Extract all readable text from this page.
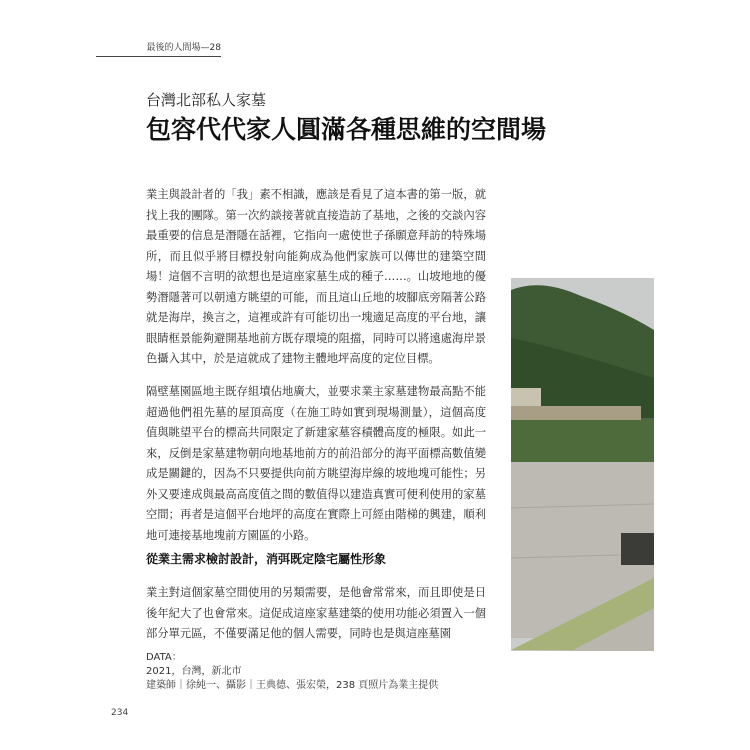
最後的人間場—28
台灣北部私人家墓
包容代代家人圓滿各種思維的空間場

業主與設計者的「我」素不相識，應該是看見了這本書的第一版，就找上我的團隊。第一次約談接著就直接造訪了基地，之後的交談內容最重要的信息是潛隱在話裡，它指向一處使世子孫願意拜訪的特殊場所，而且似乎將目標投射向能夠成為他們家族可以傳世的建築空間場！這個不言明的欲想也是這座家墓生成的種子……。山坡地地的優勢潛隱著可以朝遠方眺望的可能，而且這山丘地的坡腳底旁隔著公路就是海岸，換言之，這裡或許有可能切出一塊適足高度的平台地，讓眼睛框景能夠避開基地前方既存環境的阻擋，同時可以將遠處海岸景色攝入其中，於是這就成了建物主體地坪高度的定位目標。

隔壁墓園區地主既存組墳佔地廣大，並要求業主家墓建物最高點不能超過他們祖先墓的屋頂高度（在施工時如實到現場測量），這個高度值與眺望平台的標高共同限定了新建家墓容積體高度的極限。如此一來，反倒是家墓建物朝向地基地前方的前沿部分的海平面標高數值變成是關鍵的，因為不只要提供向前方眺望海岸線的坡地塊可能性；另外又要達成與最高高度值之間的數值得以建造真實可便利使用的家墓空間；再者是這個平台地坪的高度在實際上可經由階梯的興建，順利地可連接基地塊前方園區的小路。

從業主需求檢討設計，消弭既定陰宅屬性形象

業主對這個家墓空間使用的另類需要，是他會常常來，而且即使是日後年紀大了也會常來。這促成這座家墓建築的使用功能必須置入一個部分單元區，不僅要滿足他的個人需要，同時也是與這座墓園

DATA：
2021，台灣，新北市
建築師｜徐純一、攝影｜王典德、張宏榮，238 頁照片為業主提供
234
